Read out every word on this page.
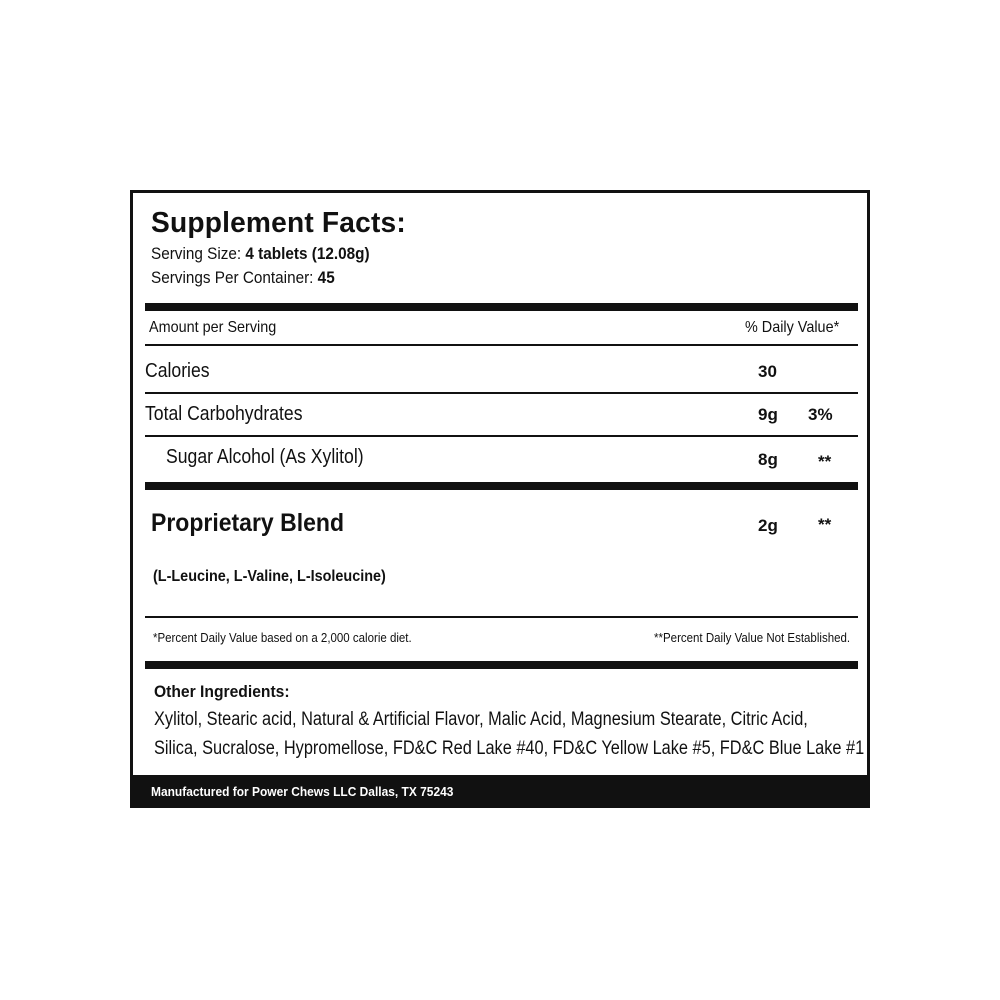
Supplement Facts:
Serving Size: 4 tablets (12.08g)
Servings Per Container: 45
Amount per Serving	% Daily Value*
Calories	30
Total Carbohydrates	9g 3%
Sugar Alcohol (As Xylitol)	8g **
Proprietary Blend	2g **
(L-Leucine, L-Valine, L-Isoleucine)
*Percent Daily Value based on a 2,000 calorie diet.	**Percent Daily Value Not Established.
Other Ingredients:
Xylitol, Stearic acid, Natural & Artificial Flavor, Malic Acid, Magnesium Stearate, Citric Acid,
Silica, Sucralose, Hypromellose, FD&C Red Lake #40, FD&C Yellow Lake #5, FD&C Blue Lake #1
Manufactured for Power Chews LLC Dallas, TX 75243
